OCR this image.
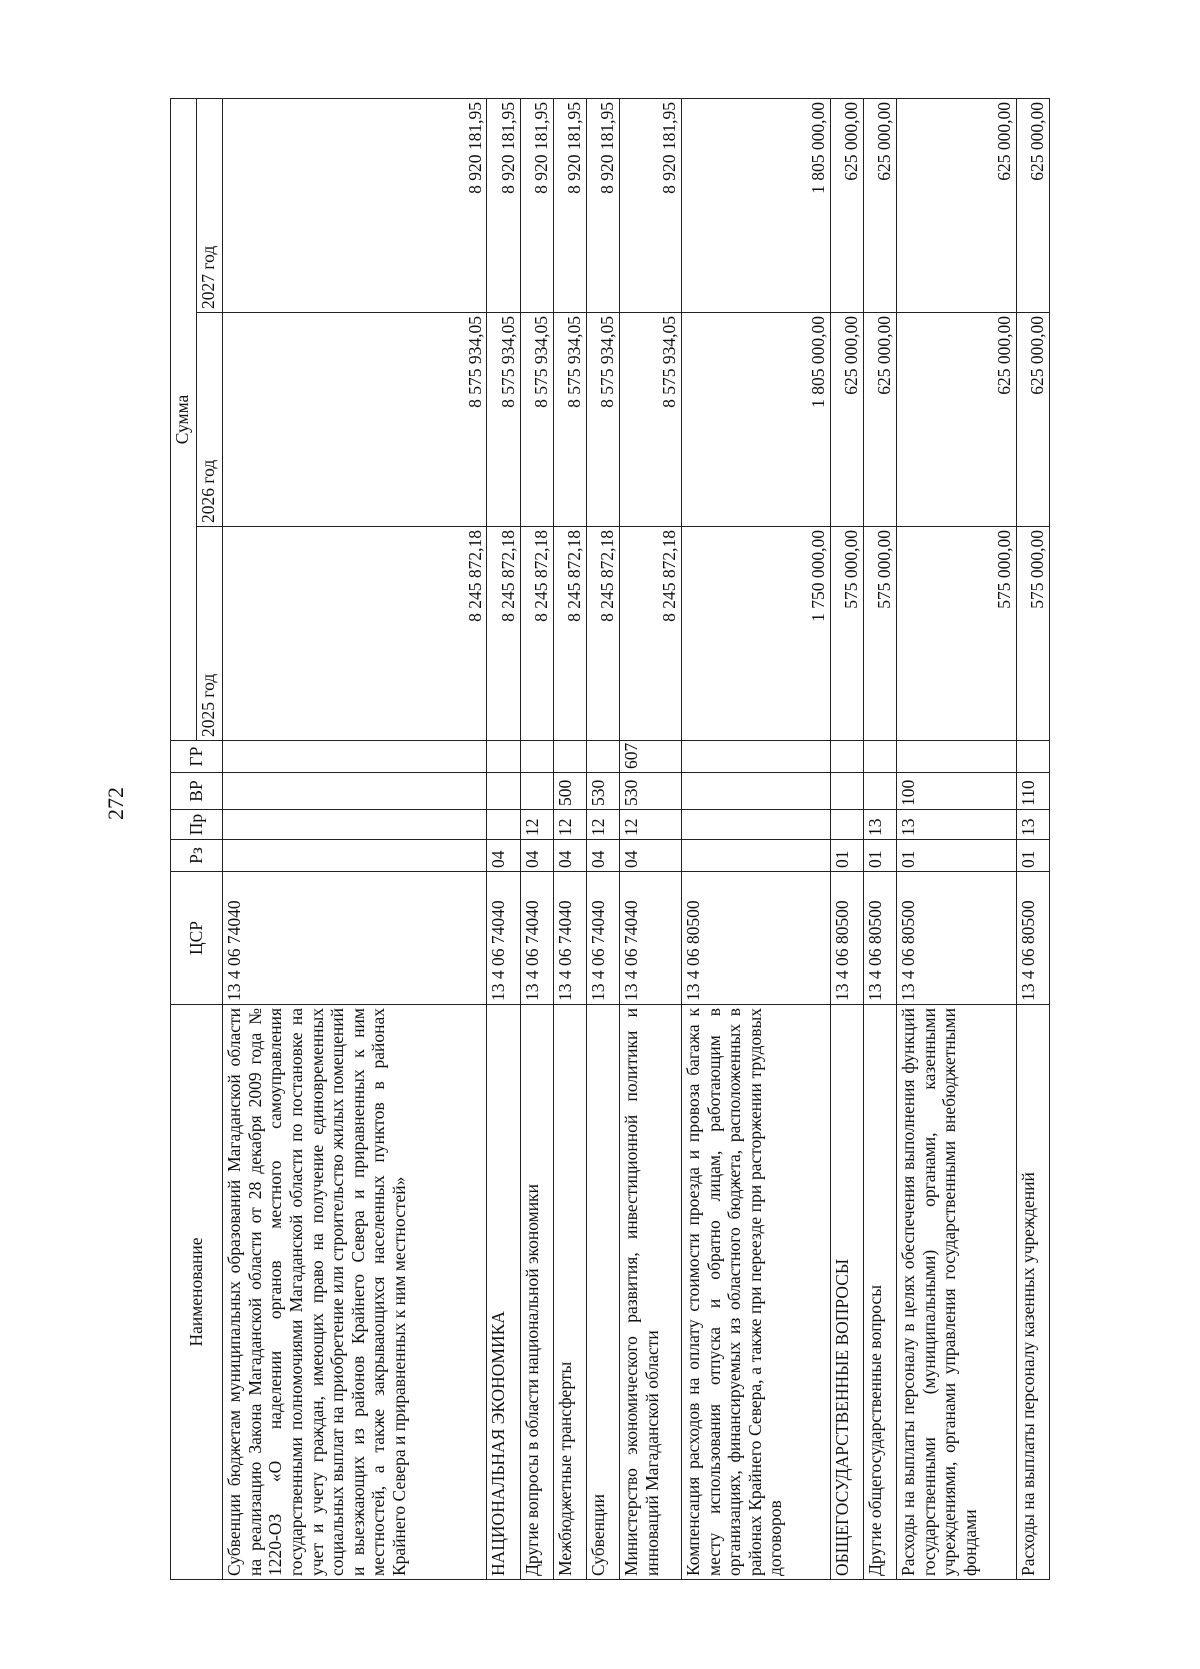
272
Наименование	ЦСР	Рз	Пр	ВР	ГР	Сумма		
						2025 год	2026 год	2027 год
Субвенции бюджетам муниципальных образований Магаданской области на реализацию Закона Магаданской области от 28 декабря 2009 года № 1220-ОЗ «О наделении органов местного самоуправления государственными полномочиями Магаданской области по постановке на учет и учету граждан, имеющих право на получение единовременных социальных выплат на приобретение или строительство жилых помещений и выезжающих из районов Крайнего Севера и приравненных к ним местностей, а также закрывающихся населенных пунктов в районах Крайнего Севера и приравненных к ним местностей»	13 4 06 74040					8 245 872,18	8 575 934,05	8 920 181,95
НАЦИОНАЛЬНАЯ ЭКОНОМИКА	13 4 06 74040	04				8 245 872,18	8 575 934,05	8 920 181,95
Другие вопросы в области национальной экономики	13 4 06 74040	04	12			8 245 872,18	8 575 934,05	8 920 181,95
Межбюджетные трансферты	13 4 06 74040	04	12	500		8 245 872,18	8 575 934,05	8 920 181,95
Субвенции	13 4 06 74040	04	12	530		8 245 872,18	8 575 934,05	8 920 181,95
Министерство экономического развития, инвестиционной политики и инноваций Магаданской области	13 4 06 74040	04	12	530	607	8 245 872,18	8 575 934,05	8 920 181,95
Компенсация расходов на оплату стоимости проезда и провоза багажа к месту использования отпуска и обратно лицам, работающим в организациях, финансируемых из областного бюджета, расположенных в районах Крайнего Севера, а также при переезде при расторжении трудовых договоров	13 4 06 80500					1 750 000,00	1 805 000,00	1 805 000,00
ОБЩЕГОСУДАРСТВЕННЫЕ ВОПРОСЫ	13 4 06 80500	01				575 000,00	625 000,00	625 000,00
Другие общегосударственные вопросы	13 4 06 80500	01	13			575 000,00	625 000,00	625 000,00
Расходы на выплаты персоналу в целях обеспечения выполнения функций государственными (муниципальными) органами, казенными учреждениями, органами управления государственными внебюджетными фондами	13 4 06 80500	01	13	100		575 000,00	625 000,00	625 000,00
Расходы на выплаты персоналу казенных учреждений	13 4 06 80500	01	13	110		575 000,00	625 000,00	625 000,00
